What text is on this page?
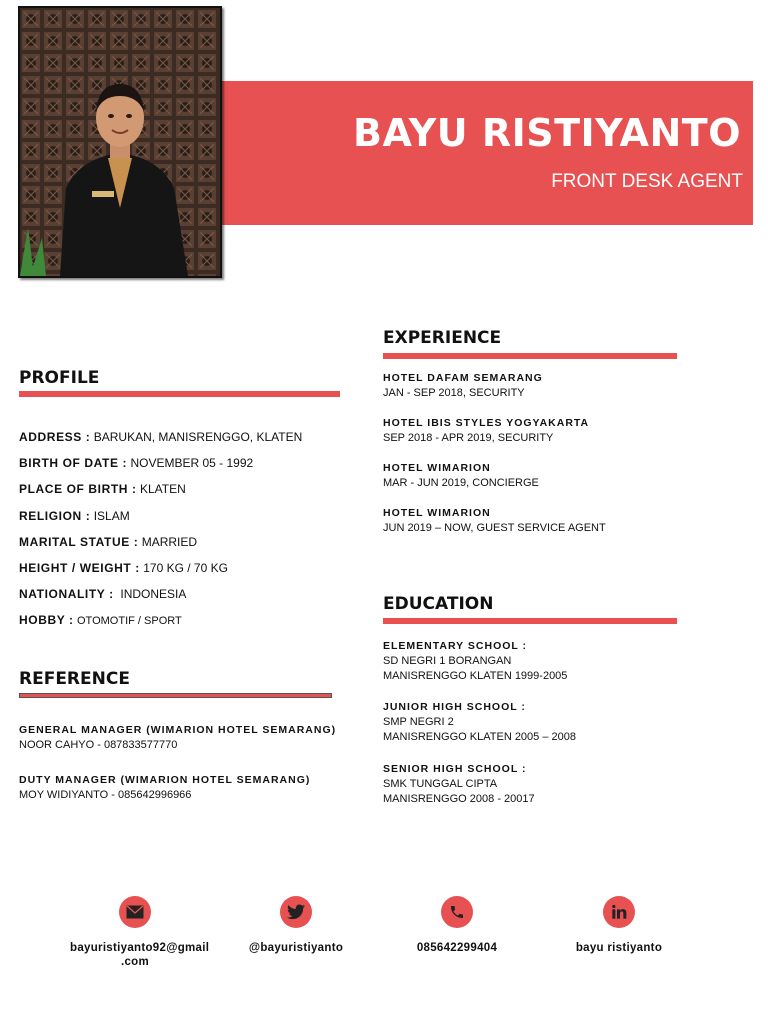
BAYU RISTIYANTO
FRONT DESK AGENT
PROFILE
ADDRESS : BARUKAN, MANISRENGGO, KLATEN
BIRTH OF DATE : NOVEMBER 05 - 1992
PLACE OF BIRTH : KLATEN
RELIGION : ISLAM
MARITAL STATUE : MARRIED
HEIGHT / WEIGHT : 170 KG / 70 KG
NATIONALITY :  INDONESIA
HOBBY : OTOMOTIF / SPORT
REFERENCE
GENERAL MANAGER (WIMARION HOTEL SEMARANG)
NOOR CAHYO - 087833577770
DUTY MANAGER (WIMARION HOTEL SEMARANG)
MOY WIDIYANTO - 085642996966
EXPERIENCE
HOTEL DAFAM SEMARANG
JAN - SEP 2018, SECURITY
HOTEL IBIS STYLES YOGYAKARTA
SEP 2018 - APR 2019, SECURITY
HOTEL WIMARION
MAR - JUN 2019, CONCIERGE
HOTEL WIMARION
JUN 2019 – NOW, GUEST SERVICE AGENT
EDUCATION
ELEMENTARY SCHOOL :
SD NEGRI 1 BORANGAN
MANISRENGGO KLATEN 1999-2005
JUNIOR HIGH SCHOOL :
SMP NEGRI 2
MANISRENGGO KLATEN 2005 – 2008
SENIOR HIGH SCHOOL :
SMK TUNGGAL CIPTA
MANISRENGGO 2008 - 20017
bayuristiyanto92@gmail
.com
@bayuristiyanto	085642299404	bayu ristiyanto
